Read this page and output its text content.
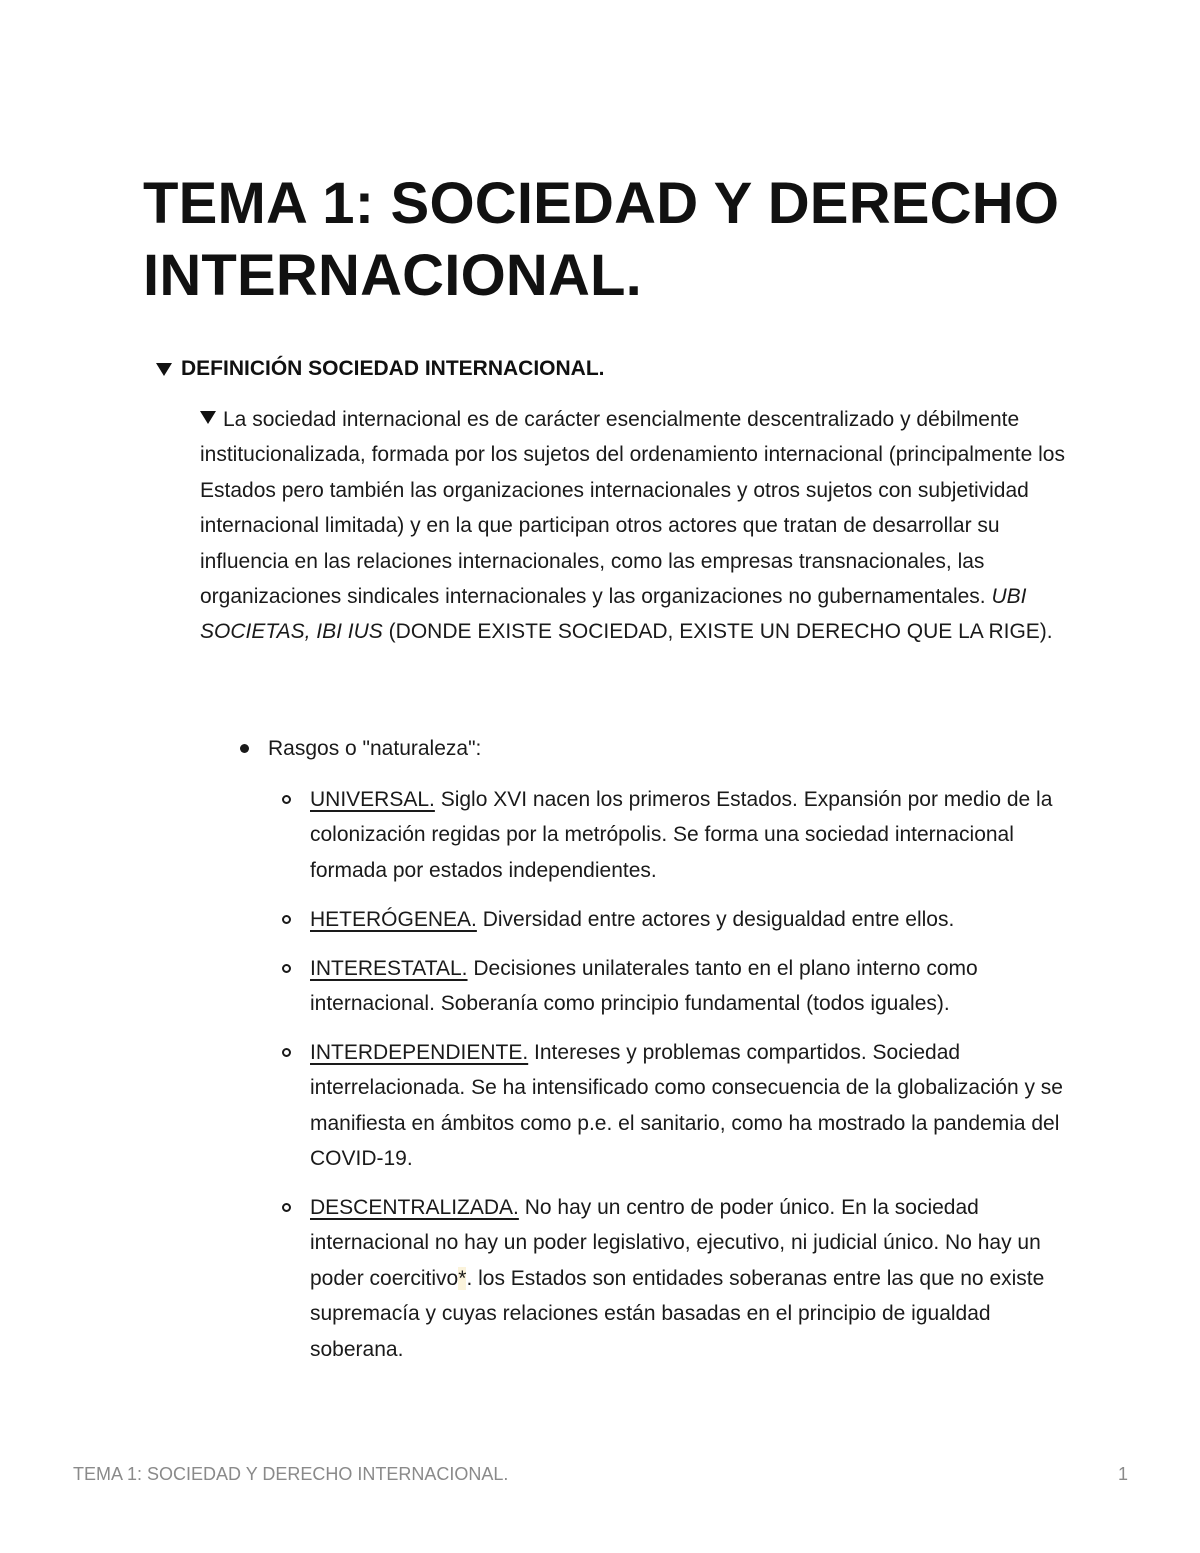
TEMA 1: SOCIEDAD Y DERECHO
INTERNACIONAL.
DEFINICIÓN SOCIEDAD INTERNACIONAL.
La sociedad internacional es de carácter esencialmente descentralizado y débilmente institucionalizada, formada por los sujetos del ordenamiento internacional (principalmente los Estados pero también las organizaciones internacionales y otros sujetos con subjetividad internacional limitada) y en la que participan otros actores que tratan de desarrollar su influencia en las relaciones internacionales, como las empresas transnacionales, las organizaciones sindicales internacionales y las organizaciones no gubernamentales. UBI SOCIETAS, IBI IUS (DONDE EXISTE SOCIEDAD, EXISTE UN DERECHO QUE LA RIGE).
Rasgos o "naturaleza":
UNIVERSAL. Siglo XVI nacen los primeros Estados. Expansión por medio de la colonización regidas por la metrópolis. Se forma una sociedad internacional formada por estados independientes.
HETERÓGENEA. Diversidad entre actores y desigualdad entre ellos.
INTERESTATAL. Decisiones unilaterales tanto en el plano interno como internacional. Soberanía como principio fundamental (todos iguales).
INTERDEPENDIENTE. Intereses y problemas compartidos. Sociedad interrelacionada. Se ha intensificado como consecuencia de la globalización y se manifiesta en ámbitos como p.e. el sanitario, como ha mostrado la pandemia del COVID-19.
DESCENTRALIZADA. No hay un centro de poder único. En la sociedad internacional no hay un poder legislativo, ejecutivo, ni judicial único. No hay un poder coercitivo*. los Estados son entidades soberanas entre las que no existe supremacía y cuyas relaciones están basadas en el principio de igualdad soberana.
TEMA 1: SOCIEDAD Y DERECHO INTERNACIONAL.	1
